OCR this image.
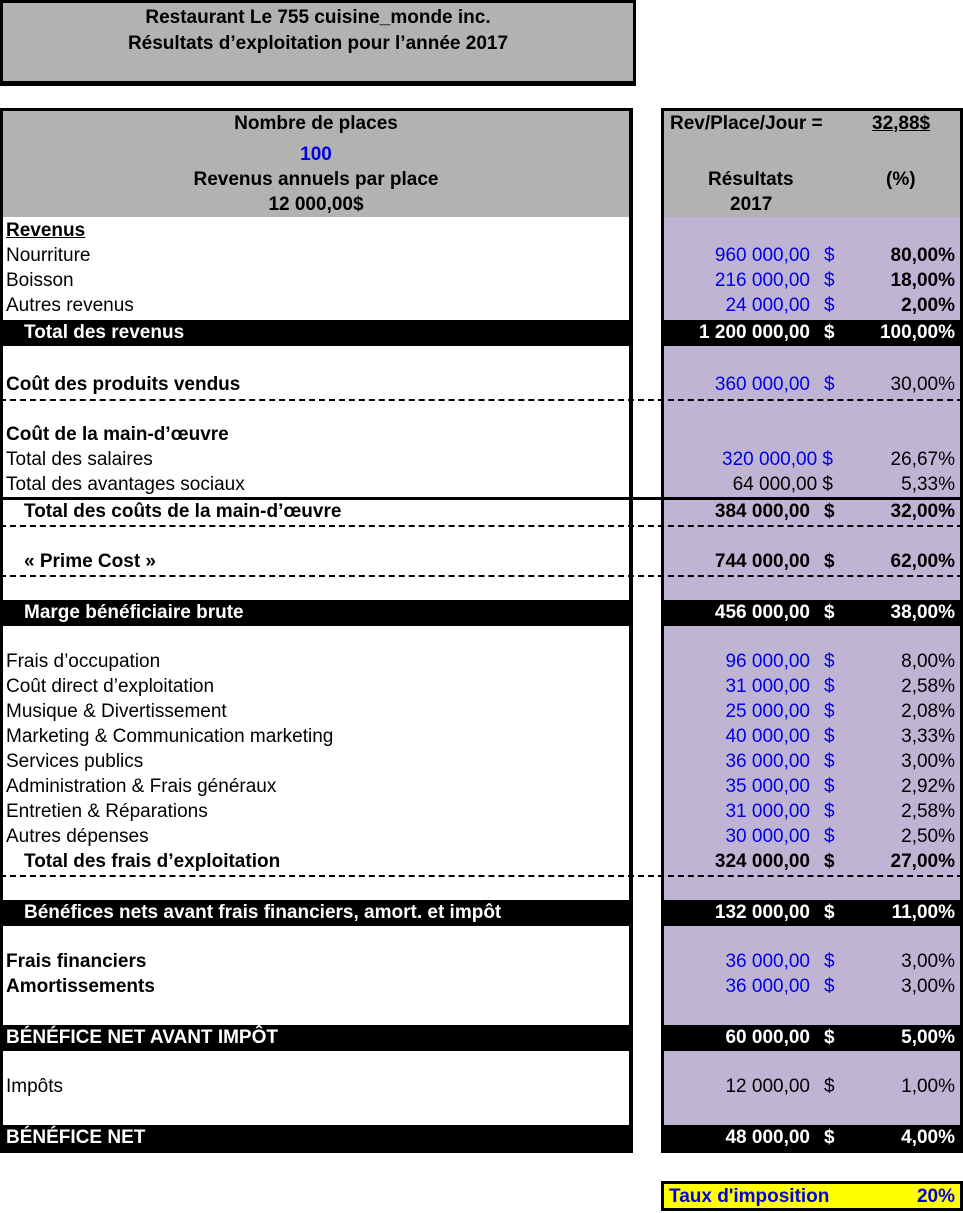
Restaurant Le 755 cuisine_monde inc.
Résultats d’exploitation pour l’année 2017
Nombre de places
100
Revenus annuels par place
12 000,00$
Rev/Place/Jour =	32,88$
Résultats
2017
(%)
Revenus
Nourriture	960 000,00 $	80,00%
Boisson	216 000,00 $	18,00%
Autres revenus	24 000,00 $	2,00%
Total des revenus	1 200 000,00 $ 100,00%
Coût des produits vendus	360 000,00 $	30,00%
Coût de la main-d’œuvre
Total des salaires	320 000,00 $	26,67%
Total des avantages sociaux	64 000,00 $	5,33%
Total des coûts de la main-d’œuvre	384 000,00 $	32,00%
« Prime Cost »	744 000,00 $	62,00%
Marge bénéficiaire brute	456 000,00 $	38,00%
Frais d’occupation	96 000,00 $	8,00%
Coût direct d’exploitation	31 000,00 $	2,58%
Musique & Divertissement	25 000,00 $	2,08%
Marketing & Communication marketing	40 000,00 $	3,33%
Services publics	36 000,00 $	3,00%
Administration & Frais généraux	35 000,00 $	2,92%
Entretien & Réparations	31 000,00 $	2,58%
Autres dépenses	30 000,00 $	2,50%
Total des frais d’exploitation	324 000,00 $	27,00%
Bénéfices nets avant frais financiers, amort. et impôt	132 000,00 $	11,00%
Frais financiers	36 000,00 $	3,00%
Amortissements	36 000,00 $	3,00%
BÉNÉFICE NET AVANT IMPÔT	60 000,00 $	5,00%
Impôts	12 000,00 $	1,00%
BÉNÉFICE NET	48 000,00 $	4,00%
Taux d'imposition	20%
